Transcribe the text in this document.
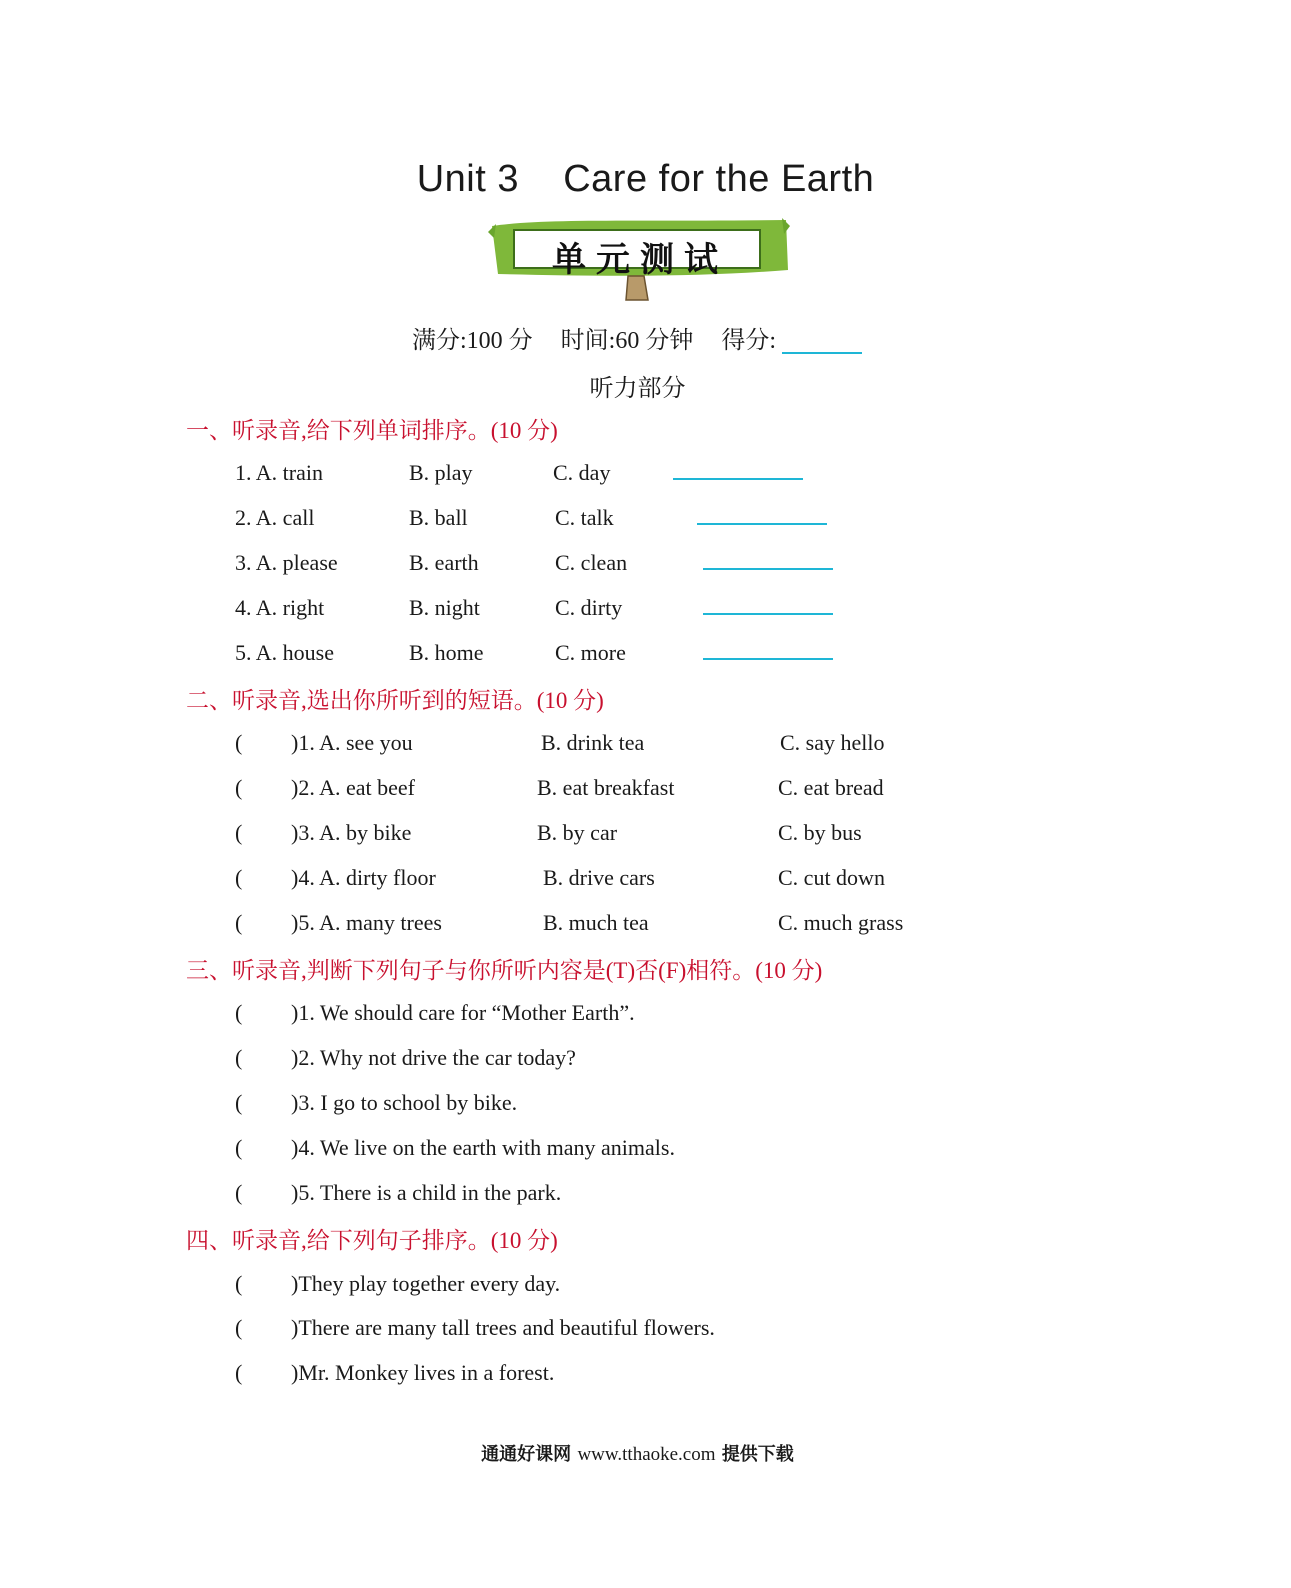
Unit 3    Care for the Earth
单元测试
满分:100 分 时间:60 分钟 得分:
听力部分
一、听录音,给下列单词排序。(10 分)
1. A. train	B. play	C. day
2. A. call	B. ball	C. talk
3. A. please	B. earth	C. clean
4. A. right	B. night	C. dirty
5. A. house	B. home	C. more
二、听录音,选出你所听到的短语。(10 分)
( )1. A. see you	B. drink tea	C. say hello
( )2. A. eat beef	B. eat breakfast	C. eat bread
( )3. A. by bike	B. by car	C. by bus
( )4. A. dirty floor	B. drive cars	C. cut down
( )5. A. many trees	B. much tea	C. much grass
三、听录音,判断下列句子与你所听内容是(T)否(F)相符。(10 分)
( )1. We should care for “Mother Earth”.
( )2. Why not drive the car today?
( )3. I go to school by bike.
( )4. We live on the earth with many animals.
( )5. There is a child in the park.
四、听录音,给下列句子排序。(10 分)
( )They play together every day.
( )There are many tall trees and beautiful flowers.
( )Mr. Monkey lives in a forest.
通通好课网 www.tthaoke.com 提供下载
